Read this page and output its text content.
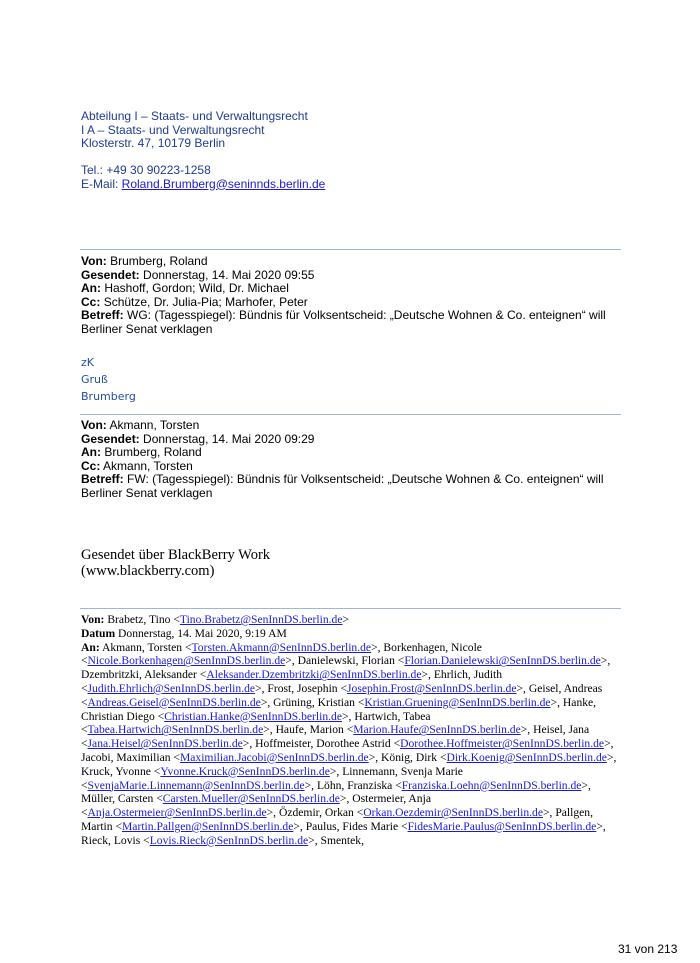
Abteilung I – Staats- und Verwaltungsrecht
I A – Staats- und Verwaltungsrecht
Klosterstr. 47, 10179 Berlin
Tel.: +49 30 90223-1258
E-Mail: Roland.Brumberg@seninnds.berlin.de
Von: Brumberg, Roland
Gesendet: Donnerstag, 14. Mai 2020 09:55
An: Hashoff, Gordon; Wild, Dr. Michael
Cc: Schütze, Dr. Julia-Pia; Marhofer, Peter
Betreff: WG: (Tagesspiegel): Bündnis für Volksentscheid: „Deutsche Wohnen & Co. enteignen“ will Berliner Senat verklagen
zK
Gruß
Brumberg
Von: Akmann, Torsten
Gesendet: Donnerstag, 14. Mai 2020 09:29
An: Brumberg, Roland
Cc: Akmann, Torsten
Betreff: FW: (Tagesspiegel): Bündnis für Volksentscheid: „Deutsche Wohnen & Co. enteignen“ will Berliner Senat verklagen
Gesendet über BlackBerry Work
(www.blackberry.com)
Von: Brabetz, Tino <Tino.Brabetz@SenInnDS.berlin.de>
Datum Donnerstag, 14. Mai 2020, 9:19 AM
An: Akmann, Torsten <Torsten.Akmann@SenInnDS.berlin.de>, Borkenhagen, Nicole <Nicole.Borkenhagen@SenInnDS.berlin.de>, Danielewski, Florian <Florian.Danielewski@SenInnDS.berlin.de>, Dzembritzki, Aleksander <Aleksander.Dzembritzki@SenInnDS.berlin.de>, Ehrlich, Judith <Judith.Ehrlich@SenInnDS.berlin.de>, Frost, Josephin <Josephin.Frost@SenInnDS.berlin.de>, Geisel, Andreas <Andreas.Geisel@SenInnDS.berlin.de>, Grüning, Kristian <Kristian.Gruening@SenInnDS.berlin.de>, Hanke, Christian Diego <Christian.Hanke@SenInnDS.berlin.de>, Hartwich, Tabea <Tabea.Hartwich@SenInnDS.berlin.de>, Haufe, Marion <Marion.Haufe@SenInnDS.berlin.de>, Heisel, Jana <Jana.Heisel@SenInnDS.berlin.de>, Hoffmeister, Dorothee Astrid <Dorothee.Hoffmeister@SenInnDS.berlin.de>, Jacobi, Maximilian <Maximilian.Jacobi@SenInnDS.berlin.de>, König, Dirk <Dirk.Koenig@SenInnDS.berlin.de>, Kruck, Yvonne <Yvonne.Kruck@SenInnDS.berlin.de>, Linnemann, Svenja Marie <SvenjaMarie.Linnemann@SenInnDS.berlin.de>, Löhn, Franziska <Franziska.Loehn@SenInnDS.berlin.de>, Müller, Carsten <Carsten.Mueller@SenInnDS.berlin.de>, Ostermeier, Anja <Anja.Ostermeier@SenInnDS.berlin.de>, Özdemir, Orkan <Orkan.Oezdemir@SenInnDS.berlin.de>, Pallgen, Martin <Martin.Pallgen@SenInnDS.berlin.de>, Paulus, Fides Marie <FidesMarie.Paulus@SenInnDS.berlin.de>, Rieck, Lovis <Lovis.Rieck@SenInnDS.berlin.de>, Smentek,
31 von 213
